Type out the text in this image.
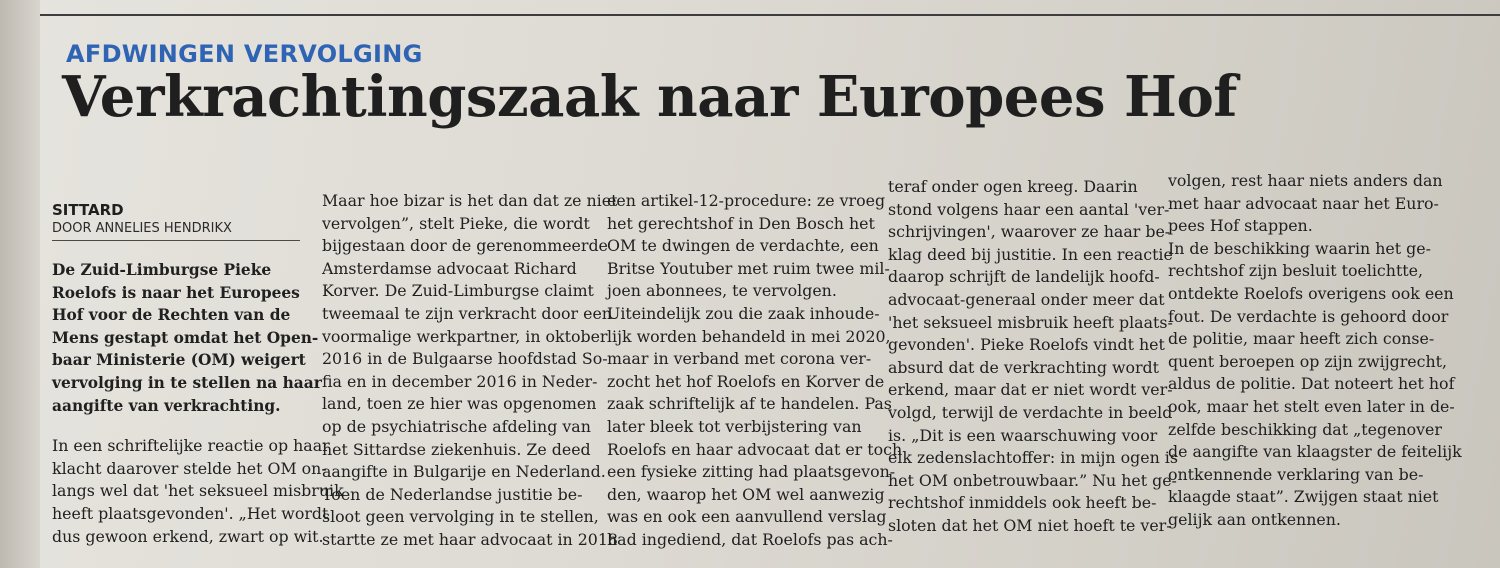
AFDWINGEN VERVOLGING
Verkrachtingszaak naar Europees Hof
SITTARD
DOOR ANNELIES HENDRIKX
De Zuid-Limburgse Pieke
Roelofs is naar het Europees
Hof voor de Rechten van de
Mens gestapt omdat het Open-
baar Ministerie (OM) weigert
vervolging in te stellen na haar
aangifte van verkrachting.
In een schriftelijke reactie op haar
klacht daarover stelde het OM on-
langs wel dat 'het seksueel misbruik
heeft plaatsgevonden'. „Het wordt
dus gewoon erkend, zwart op wit.
Maar hoe bizar is het dan dat ze niet
vervolgen”, stelt Pieke, die wordt
bijgestaan door de gerenommeerde
Amsterdamse advocaat Richard
Korver. De Zuid-Limburgse claimt
tweemaal te zijn verkracht door een
voormalige werkpartner, in oktober
2016 in de Bulgaarse hoofdstad So-
fia en in december 2016 in Neder-
land, toen ze hier was opgenomen
op de psychiatrische afdeling van
het Sittardse ziekenhuis. Ze deed
aangifte in Bulgarije en Nederland.
Toen de Nederlandse justitie be-
sloot geen vervolging in te stellen,
startte ze met haar advocaat in 2018
een artikel-12-procedure: ze vroeg
het gerechtshof in Den Bosch het
OM te dwingen de verdachte, een
Britse Youtuber met ruim twee mil-
joen abonnees, te vervolgen.
Uiteindelijk zou die zaak inhoude-
lijk worden behandeld in mei 2020,
maar in verband met corona ver-
zocht het hof Roelofs en Korver de
zaak schriftelijk af te handelen. Pas
later bleek tot verbijstering van
Roelofs en haar advocaat dat er toch
een fysieke zitting had plaatsgevon-
den, waarop het OM wel aanwezig
was en ook een aanvullend verslag
had ingediend, dat Roelofs pas ach-
teraf onder ogen kreeg. Daarin
stond volgens haar een aantal 'ver-
schrijvingen', waarover ze haar be-
klag deed bij justitie. In een reactie
daarop schrijft de landelijk hoofd-
advocaat-generaal onder meer dat
'het seksueel misbruik heeft plaats-
gevonden'. Pieke Roelofs vindt het
absurd dat de verkrachting wordt
erkend, maar dat er niet wordt ver-
volgd, terwijl de verdachte in beeld
is. „Dit is een waarschuwing voor
elk zedenslachtoffer: in mijn ogen is
het OM onbetrouwbaar.” Nu het ge-
rechtshof inmiddels ook heeft be-
sloten dat het OM niet hoeft te ver-
volgen, rest haar niets anders dan
met haar advocaat naar het Euro-
pees Hof stappen.
In de beschikking waarin het ge-
rechtshof zijn besluit toelichtte,
ontdekte Roelofs overigens ook een
fout. De verdachte is gehoord door
de politie, maar heeft zich conse-
quent beroepen op zijn zwijgrecht,
aldus de politie. Dat noteert het hof
ook, maar het stelt even later in de-
zelfde beschikking dat „tegenover
de aangifte van klaagster de feitelijk
ontkennende verklaring van be-
klaagde staat”. Zwijgen staat niet
gelijk aan ontkennen.
